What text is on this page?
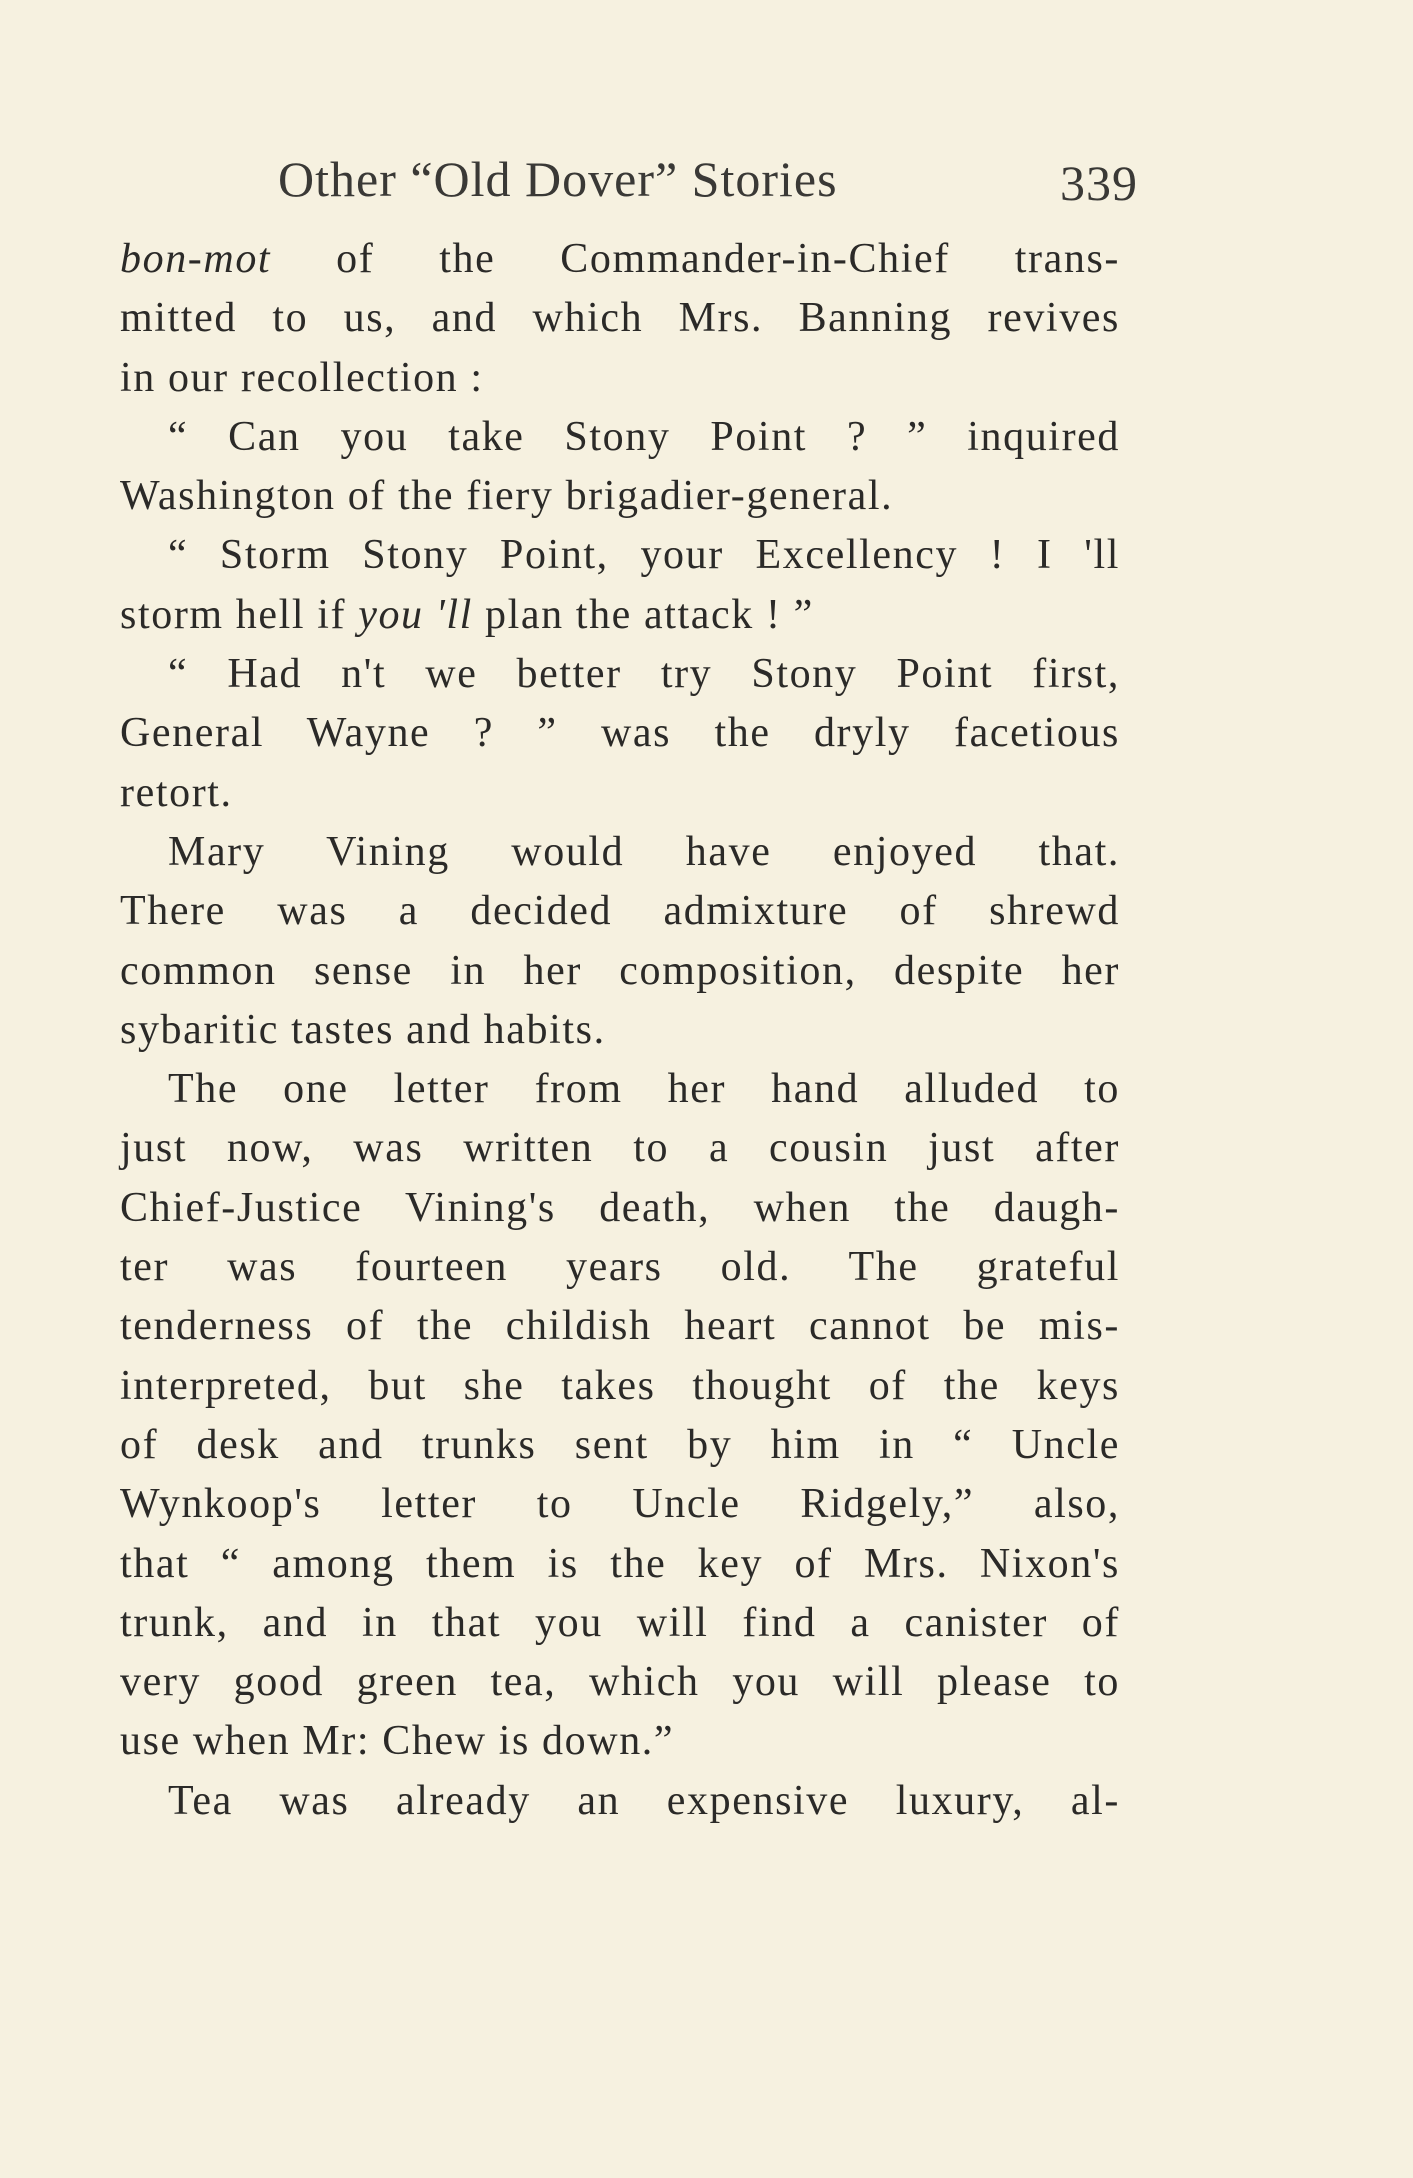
Other “Old Dover” Stories	339
bon-mot of the Commander-in-Chief trans-
mitted to us, and which Mrs. Banning revives
in our recollection :
“ Can you take Stony Point ? ” inquired
Washington of the fiery brigadier-general.
“ Storm Stony Point, your Excellency ! I 'll
storm hell if you 'll plan the attack ! ”
“ Had n't we better try Stony Point first,
General Wayne ? ” was the dryly facetious
retort.
Mary Vining would have enjoyed that.
There was a decided admixture of shrewd
common sense in her composition, despite her
sybaritic tastes and habits.
The one letter from her hand alluded to
just now, was written to a cousin just after
Chief-Justice Vining's death, when the daugh-
ter was fourteen years old. The grateful
tenderness of the childish heart cannot be mis-
interpreted, but she takes thought of the keys
of desk and trunks sent by him in “ Uncle
Wynkoop's letter to Uncle Ridgely,” also,
that “ among them is the key of Mrs. Nixon's
trunk, and in that you will find a canister of
very good green tea, which you will please to
use when Mr: Chew is down.”
Tea was already an expensive luxury, al-
